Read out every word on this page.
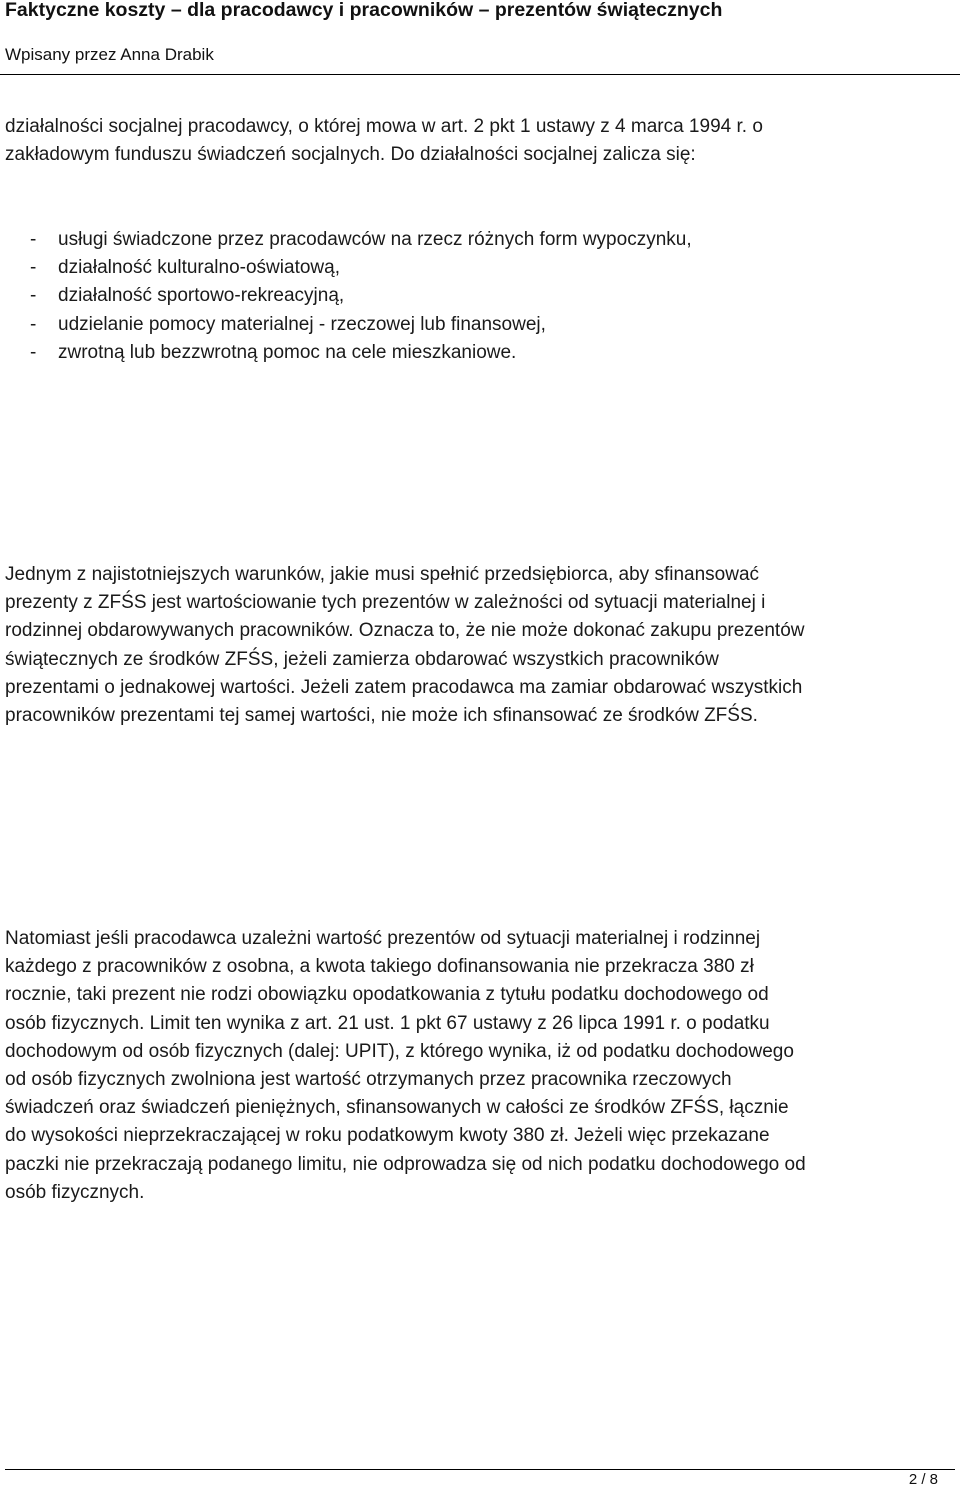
Faktyczne koszty – dla pracodawcy i pracowników – prezentów świątecznych
Wpisany przez Anna Drabik

działalności socjalnej pracodawcy, o której mowa w art. 2 pkt 1 ustawy z 4 marca 1994 r. o
zakładowym funduszu świadczeń socjalnych. Do działalności socjalnej zalicza się:

-	usługi świadczone przez pracodawców na rzecz różnych form wypoczynku,
-	działalność kulturalno-oświatową,
-	działalność sportowo-rekreacyjną,
-	udzielanie pomocy materialnej - rzeczowej lub finansowej,
-	zwrotną lub bezzwrotną pomoc na cele mieszkaniowe.

Jednym z najistotniejszych warunków, jakie musi spełnić przedsiębiorca, aby sfinansować
prezenty z ZFŚS jest wartościowanie tych prezentów w zależności od sytuacji materialnej i
rodzinnej obdarowywanych pracowników. Oznacza to, że nie może dokonać zakupu prezentów
świątecznych ze środków ZFŚS, jeżeli zamierza obdarować wszystkich pracowników
prezentami o jednakowej wartości. Jeżeli zatem pracodawca ma zamiar obdarować wszystkich
pracowników prezentami tej samej wartości, nie może ich sfinansować ze środków ZFŚS.

Natomiast jeśli pracodawca uzależni wartość prezentów od sytuacji materialnej i rodzinnej
każdego z pracowników z osobna, a kwota takiego dofinansowania nie przekracza 380 zł
rocznie, taki prezent nie rodzi obowiązku opodatkowania z tytułu podatku dochodowego od
osób fizycznych. Limit ten wynika z art. 21 ust. 1 pkt 67 ustawy z 26 lipca 1991 r. o podatku
dochodowym od osób fizycznych (dalej: UPIT), z którego wynika, iż od podatku dochodowego
od osób fizycznych zwolniona jest wartość otrzymanych przez pracownika rzeczowych
świadczeń oraz świadczeń pieniężnych, sfinansowanych w całości ze środków ZFŚS, łącznie
do wysokości nieprzekraczającej w roku podatkowym kwoty 380 zł. Jeżeli więc przekazane
paczki nie przekraczają podanego limitu, nie odprowadza się od nich podatku dochodowego od
osób fizycznych.

2 / 8
